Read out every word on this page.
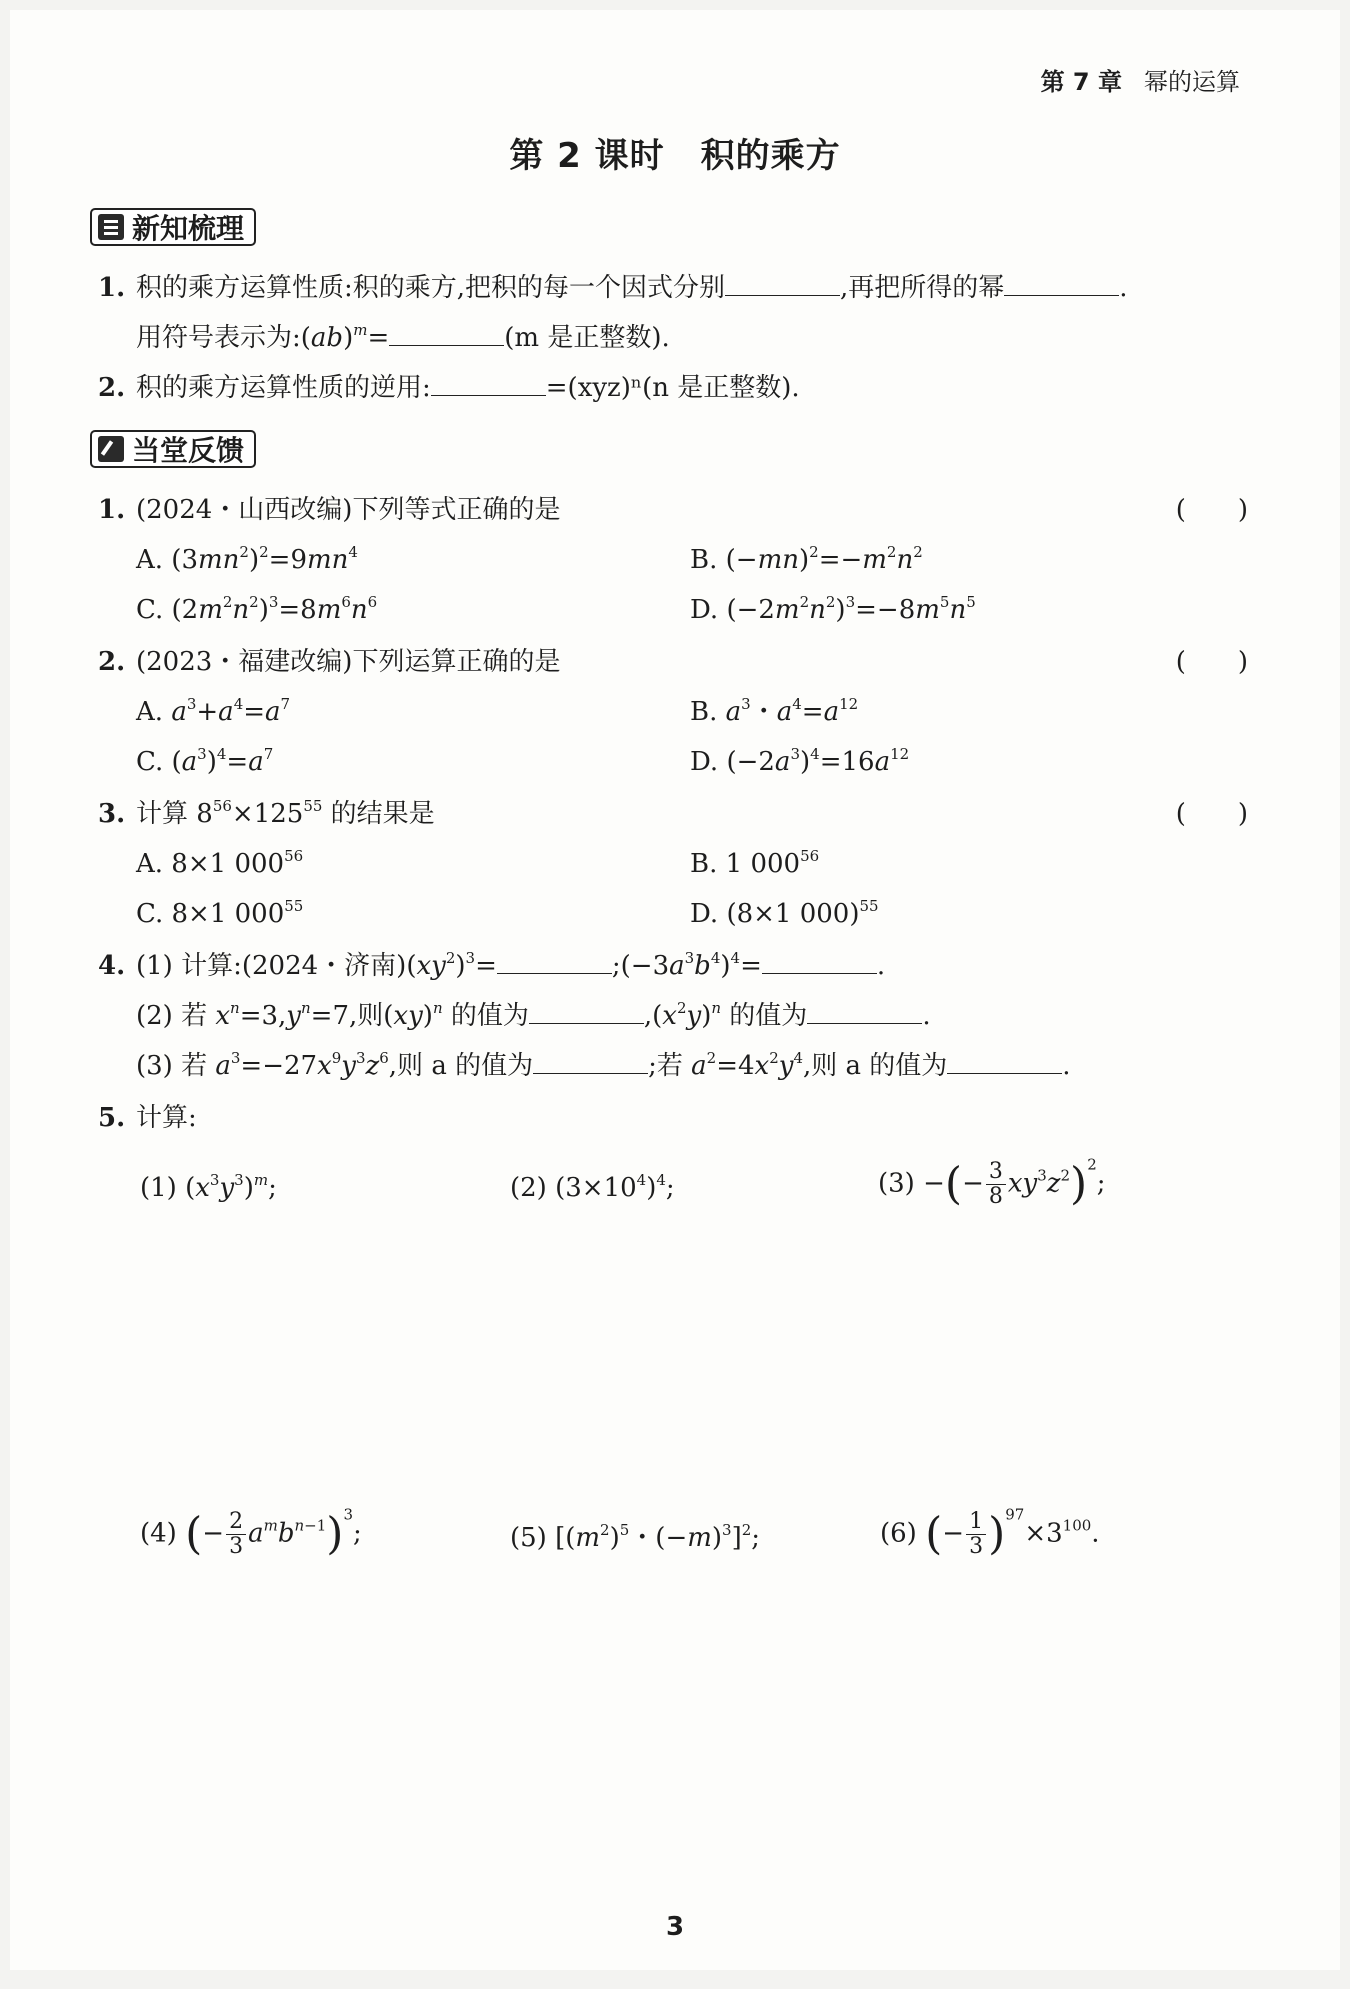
第 7 章 幂的运算
第 2 课时 积的乘方
新知梳理
1. 积的乘方运算性质:积的乘方,把积的每一个因式分别	,再把所得的幂	.
用符号表示为:(ab)$^m$=	(m 是正整数).
2. 积的乘方运算性质的逆用:	=(xyz)ⁿ(n 是正整数).
当堂反馈
1. (2024・山西改编)下列等式正确的是	(　　)
A. $(3mn^2)^2=9mn^4$	B. $(-mn)^2=-m^2n^2$
C. $(2m^2n^2)^3=8m^6n^6$	D. $(-2m^2n^2)^3=-8m^5n^5$
2. (2023・福建改编)下列运算正确的是	(　　)
A. $a^3+a^4=a^7$	B. $a^3$・$a^4=a^{12}$
C. $(a^3)^4=a^7$	D. $(-2a^3)^4=16a^{12}$
3. 计算 $8^{56}\times 125^{55}$ 的结果是	(　　)
A. 8×1 $000^{56}$	B. 1 $000^{56}$
C. 8×1 $000^{55}$	D. (8×1 000)$^{55}$
4. (1) 计算:(2024・济南)$(xy^2)^3=$	$;(-3a^3b^4)^4=$	.
(2) 若 $x^n=3,y^n=7$,则(xy)$^n$ 的值为	$,(x^2y)^n$ 的值为	.
(3) 若 $a^3=-27x^9y^3z^6$,则 a 的值为	;若 $a^2=4x^2y^4$,则 a 的值为	.
5. 计算:
(1) $(x^3y^3)^m$;	(2) $(3\times 10^4)^4$;	(3) −(− $\frac{3}{8} xy^3z^2)^2$;
(4) (− $\frac{2}{3} a^mb^{n-1})^3$;	(5) [$(m^2)^5$・$(-m)^3]^2$;	(6) (− $\frac{1}{3} )^{97}\times 3^{100}$.
3
